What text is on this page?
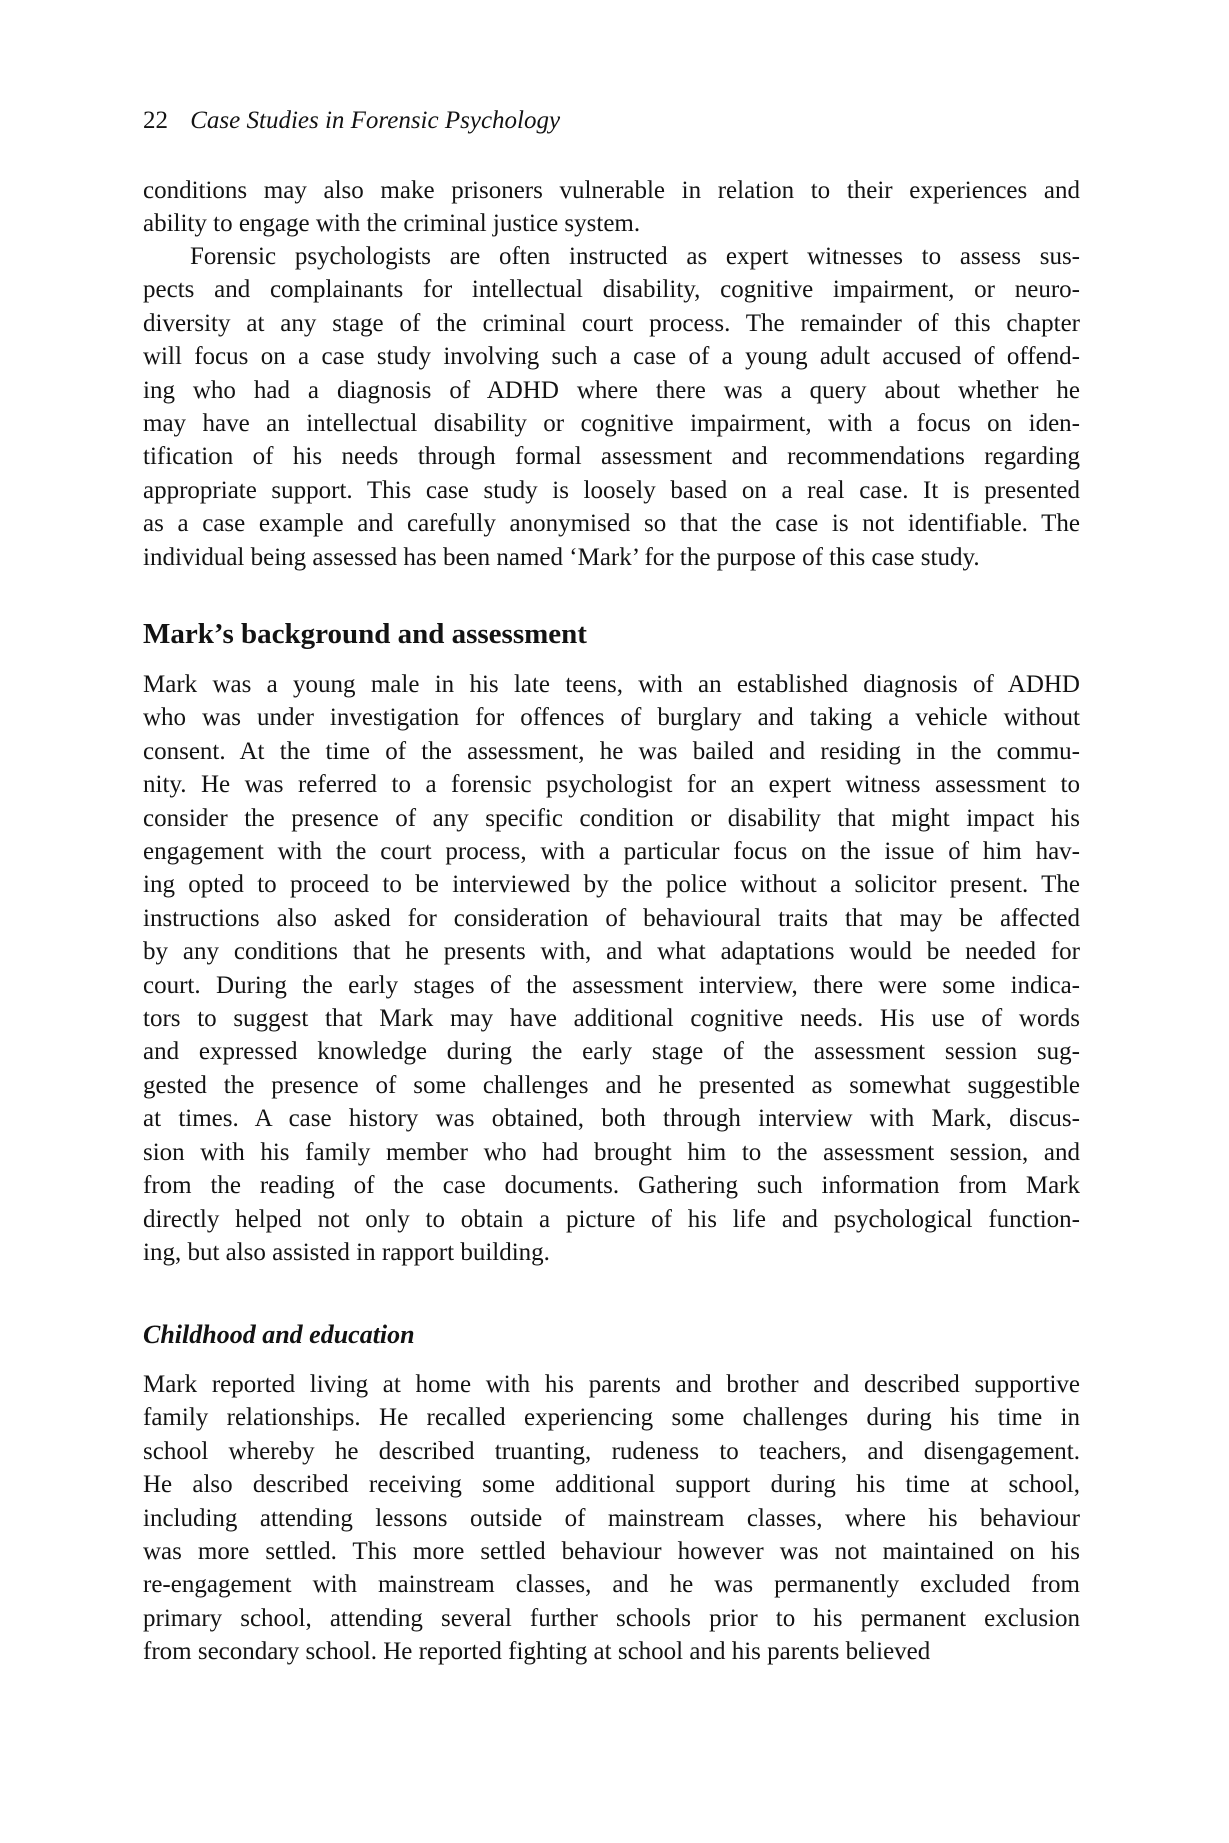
22 Case Studies in Forensic Psychology
conditions may also make prisoners vulnerable in relation to their experiences and
ability to engage with the criminal justice system.
Forensic psychologists are often instructed as expert witnesses to assess sus-
pects and complainants for intellectual disability, cognitive impairment, or neuro-
diversity at any stage of the criminal court process. The remainder of this chapter
will focus on a case study involving such a case of a young adult accused of offend-
ing who had a diagnosis of ADHD where there was a query about whether he
may have an intellectual disability or cognitive impairment, with a focus on iden-
tification of his needs through formal assessment and recommendations regarding
appropriate support. This case study is loosely based on a real case. It is presented
as a case example and carefully anonymised so that the case is not identifiable. The
individual being assessed has been named ‘Mark’ for the purpose of this case study.
Mark’s background and assessment
Mark was a young male in his late teens, with an established diagnosis of ADHD
who was under investigation for offences of burglary and taking a vehicle without
consent. At the time of the assessment, he was bailed and residing in the commu-
nity. He was referred to a forensic psychologist for an expert witness assessment to
consider the presence of any specific condition or disability that might impact his
engagement with the court process, with a particular focus on the issue of him hav-
ing opted to proceed to be interviewed by the police without a solicitor present. The
instructions also asked for consideration of behavioural traits that may be affected
by any conditions that he presents with, and what adaptations would be needed for
court. During the early stages of the assessment interview, there were some indica-
tors to suggest that Mark may have additional cognitive needs. His use of words
and expressed knowledge during the early stage of the assessment session sug-
gested the presence of some challenges and he presented as somewhat suggestible
at times. A case history was obtained, both through interview with Mark, discus-
sion with his family member who had brought him to the assessment session, and
from the reading of the case documents. Gathering such information from Mark
directly helped not only to obtain a picture of his life and psychological function-
ing, but also assisted in rapport building.
Childhood and education
Mark reported living at home with his parents and brother and described supportive
family relationships. He recalled experiencing some challenges during his time in
school whereby he described truanting, rudeness to teachers, and disengagement.
He also described receiving some additional support during his time at school,
including attending lessons outside of mainstream classes, where his behaviour
was more settled. This more settled behaviour however was not maintained on his
re-engagement with mainstream classes, and he was permanently excluded from
primary school, attending several further schools prior to his permanent exclusion
from secondary school. He reported fighting at school and his parents believed
